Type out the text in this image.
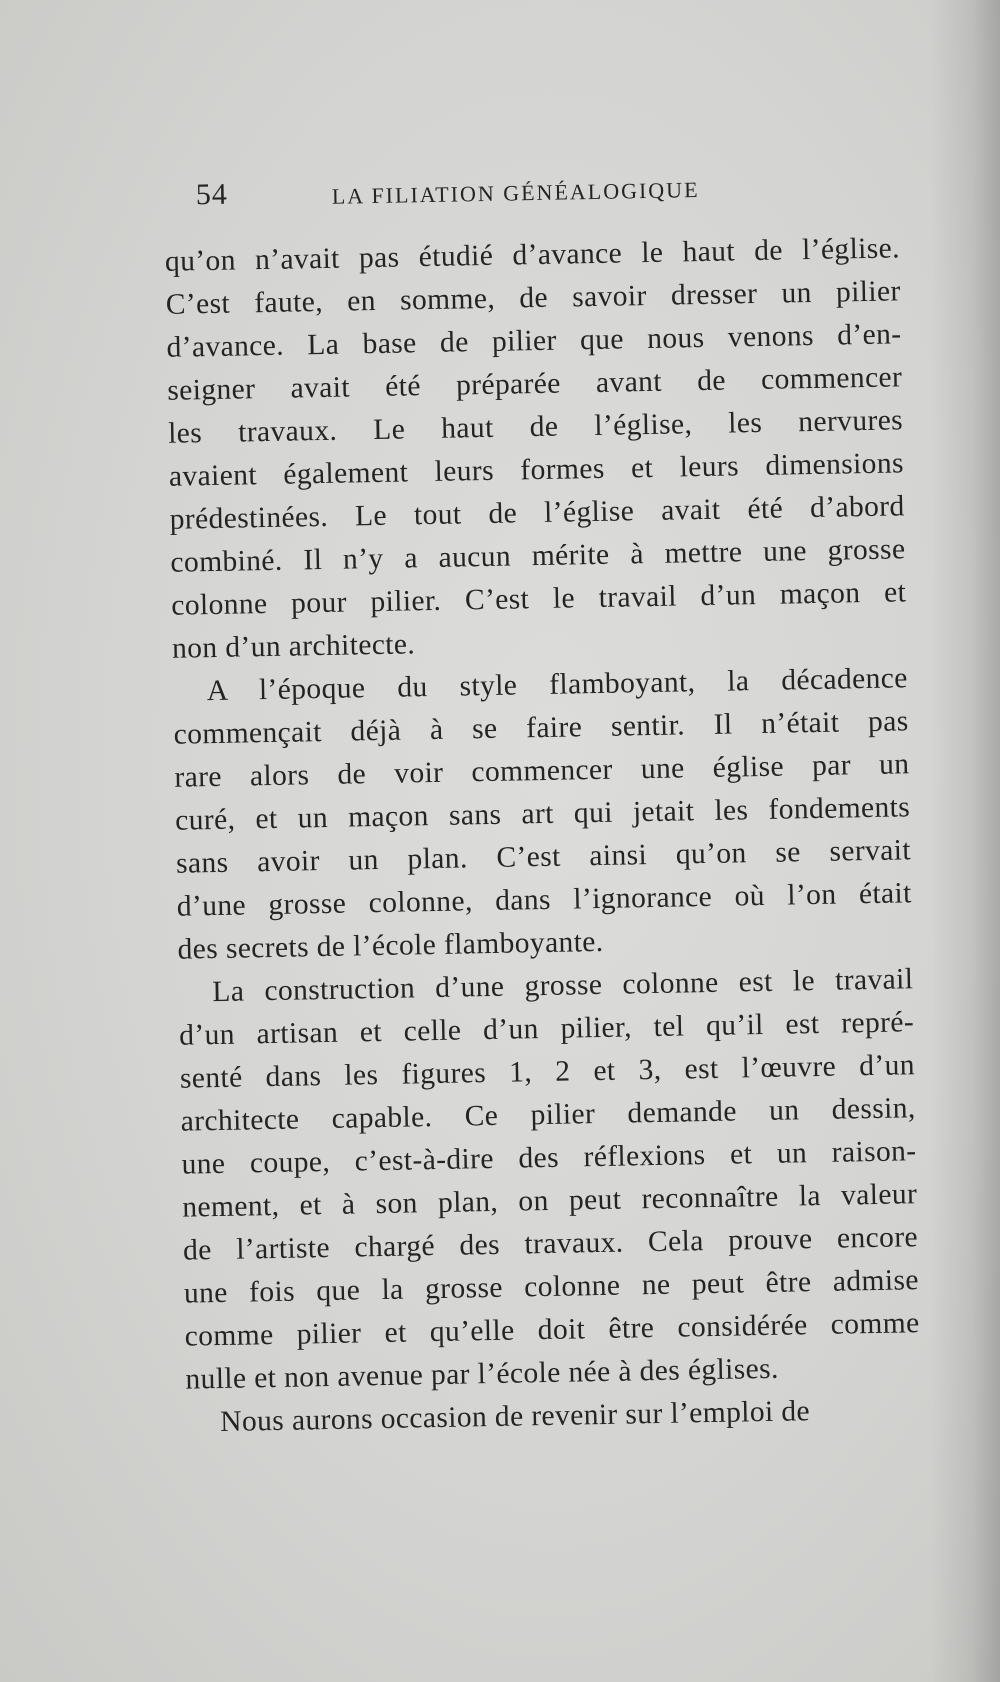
54	LA FILIATION GÉNÉALOGIQUE
qu’on n’avait pas étudié d’avance le haut de l’église.
C’est faute, en somme, de savoir dresser un pilier
d’avance. La base de pilier que nous venons d’en-
seigner avait été préparée avant de commencer
les travaux. Le haut de l’église, les nervures
avaient également leurs formes et leurs dimensions
prédestinées. Le tout de l’église avait été d’abord
combiné. Il n’y a aucun mérite à mettre une grosse
colonne pour pilier. C’est le travail d’un maçon et
non d’un architecte.
A l’époque du style flamboyant, la décadence
commençait déjà à se faire sentir. Il n’était pas
rare alors de voir commencer une église par un
curé, et un maçon sans art qui jetait les fondements
sans avoir un plan. C’est ainsi qu’on se servait
d’une grosse colonne, dans l’ignorance où l’on était
des secrets de l’école flamboyante.
La construction d’une grosse colonne est le travail
d’un artisan et celle d’un pilier, tel qu’il est repré-
senté dans les figures 1, 2 et 3, est l’œuvre d’un
architecte capable. Ce pilier demande un dessin,
une coupe, c’est-à-dire des réflexions et un raison-
nement, et à son plan, on peut reconnaître la valeur
de l’artiste chargé des travaux. Cela prouve encore
une fois que la grosse colonne ne peut être admise
comme pilier et qu’elle doit être considérée comme
nulle et non avenue par l’école née à des églises.
Nous aurons occasion de revenir sur l’emploi de
